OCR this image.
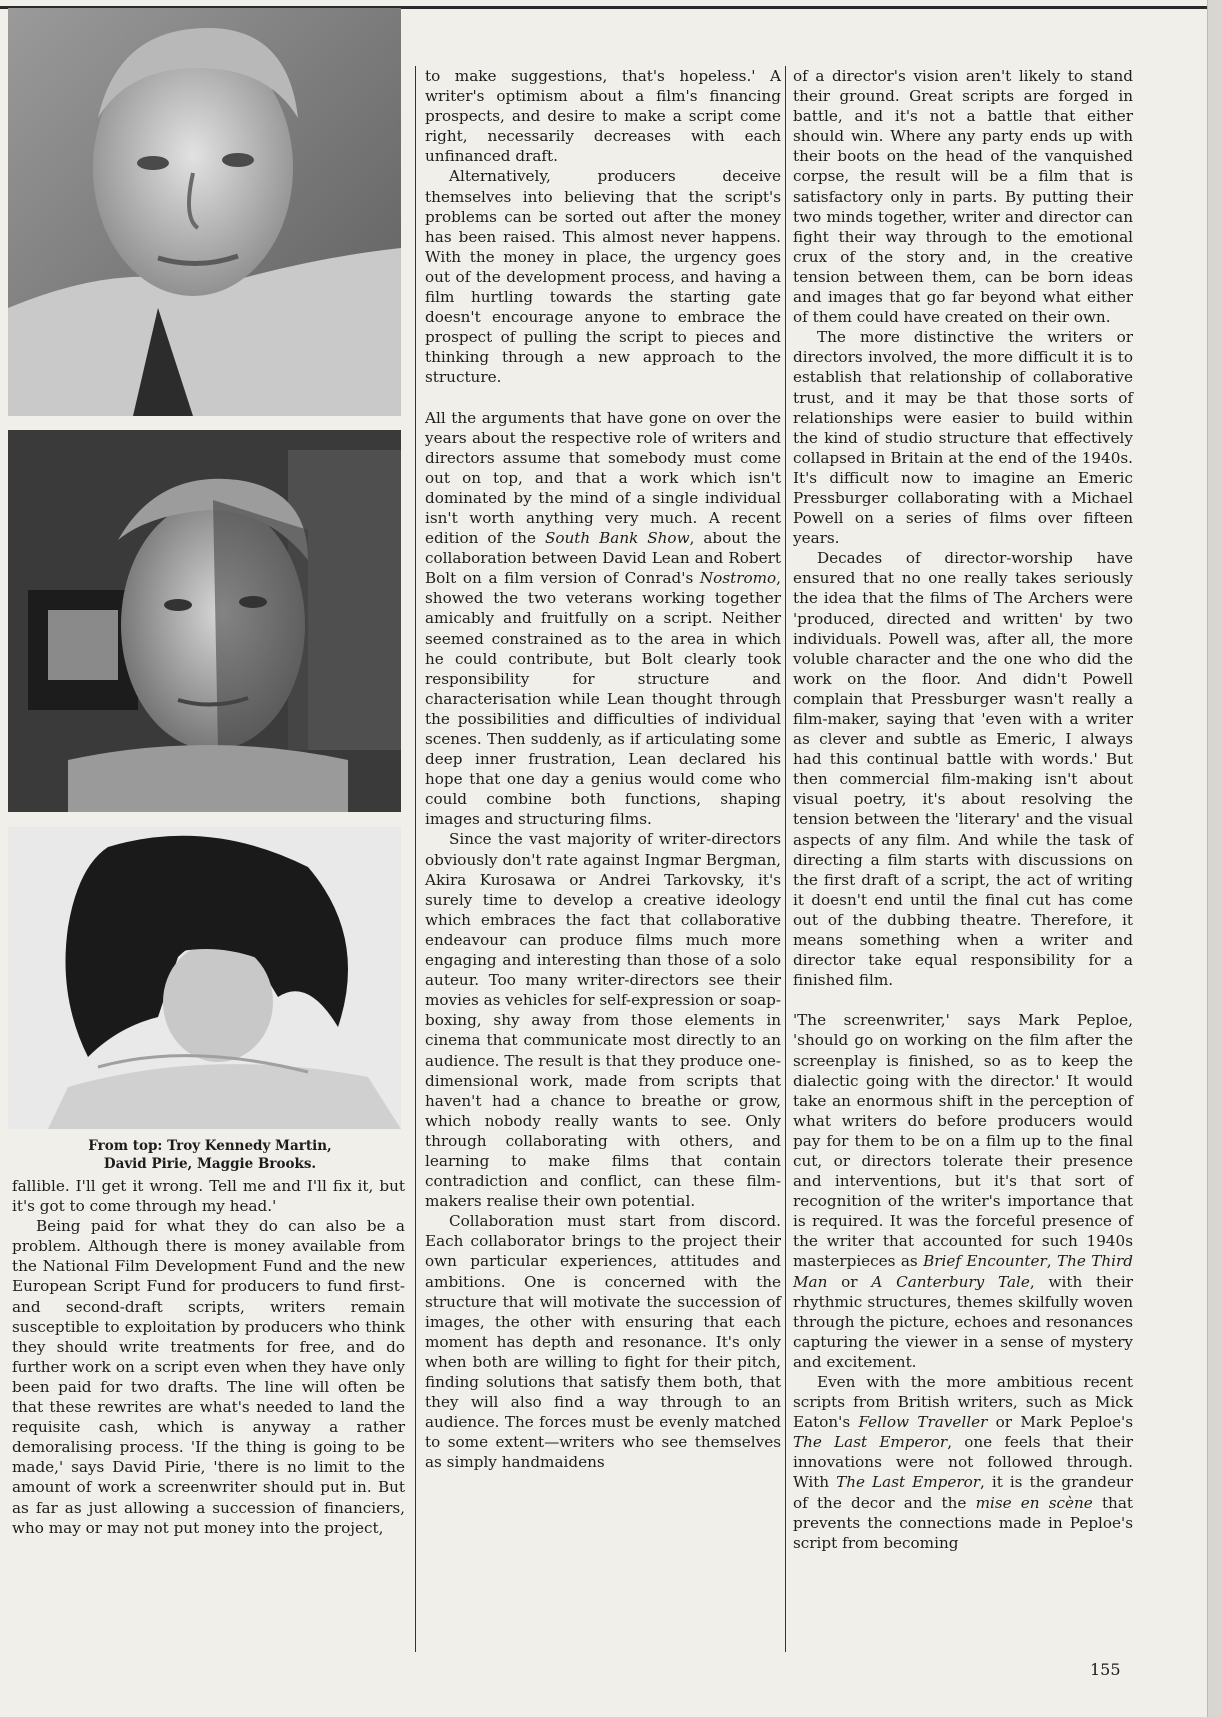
From top: Troy Kennedy Martin,
David Pirie, Maggie Brooks.

fallible. I'll get it wrong. Tell me and I'll fix it, but it's got to come through my head.'

Being paid for what they do can also be a problem. Although there is money available from the National Film Development Fund and the new European Script Fund for producers to fund first- and second-draft scripts, writers remain susceptible to exploitation by producers who think they should write treatments for free, and do further work on a script even when they have only been paid for two drafts. The line will often be that these rewrites are what's needed to land the requisite cash, which is anyway a rather demoralising process. 'If the thing is going to be made,' says David Pirie, 'there is no limit to the amount of work a screenwriter should put in. But as far as just allowing a succession of financiers, who may or may not put money into the project,

to make suggestions, that's hopeless.' A writer's optimism about a film's financing prospects, and desire to make a script come right, necessarily decreases with each unfinanced draft.

Alternatively, producers deceive themselves into believing that the script's problems can be sorted out after the money has been raised. This almost never happens. With the money in place, the urgency goes out of the development process, and having a film hurtling towards the starting gate doesn't encourage anyone to embrace the prospect of pulling the script to pieces and thinking through a new approach to the structure.

All the arguments that have gone on over the years about the respective role of writers and directors assume that somebody must come out on top, and that a work which isn't dominated by the mind of a single individual isn't worth anything very much. A recent edition of the South Bank Show, about the collaboration between David Lean and Robert Bolt on a film version of Conrad's Nostromo, showed the two veterans working together amicably and fruitfully on a script. Neither seemed constrained as to the area in which he could contribute, but Bolt clearly took responsibility for structure and characterisation while Lean thought through the possibilities and difficulties of individual scenes. Then suddenly, as if articulating some deep inner frustration, Lean declared his hope that one day a genius would come who could combine both functions, shaping images and structuring films.

Since the vast majority of writer-directors obviously don't rate against Ingmar Bergman, Akira Kurosawa or Andrei Tarkovsky, it's surely time to develop a creative ideology which embraces the fact that collaborative endeavour can produce films much more engaging and interesting than those of a solo auteur. Too many writer-directors see their movies as vehicles for self-expression or soap-boxing, shy away from those elements in cinema that communicate most directly to an audience. The result is that they produce one-dimensional work, made from scripts that haven't had a chance to breathe or grow, which nobody really wants to see. Only through collaborating with others, and learning to make films that contain contradiction and conflict, can these film-makers realise their own potential.

Collaboration must start from discord. Each collaborator brings to the project their own particular experiences, attitudes and ambitions. One is concerned with the structure that will motivate the succession of images, the other with ensuring that each moment has depth and resonance. It's only when both are willing to fight for their pitch, finding solutions that satisfy them both, that they will also find a way through to an audience. The forces must be evenly matched to some extent—writers who see themselves as simply handmaidens

of a director's vision aren't likely to stand their ground. Great scripts are forged in battle, and it's not a battle that either should win. Where any party ends up with their boots on the head of the vanquished corpse, the result will be a film that is satisfactory only in parts. By putting their two minds together, writer and director can fight their way through to the emotional crux of the story and, in the creative tension between them, can be born ideas and images that go far beyond what either of them could have created on their own.

The more distinctive the writers or directors involved, the more difficult it is to establish that relationship of collaborative trust, and it may be that those sorts of relationships were easier to build within the kind of studio structure that effectively collapsed in Britain at the end of the 1940s. It's difficult now to imagine an Emeric Pressburger collaborating with a Michael Powell on a series of films over fifteen years.

Decades of director-worship have ensured that no one really takes seriously the idea that the films of The Archers were 'produced, directed and written' by two individuals. Powell was, after all, the more voluble character and the one who did the work on the floor. And didn't Powell complain that Pressburger wasn't really a film-maker, saying that 'even with a writer as clever and subtle as Emeric, I always had this continual battle with words.' But then commercial film-making isn't about visual poetry, it's about resolving the tension between the 'literary' and the visual aspects of any film. And while the task of directing a film starts with discussions on the first draft of a script, the act of writing it doesn't end until the final cut has come out of the dubbing theatre. Therefore, it means something when a writer and director take equal responsibility for a finished film.

'The screenwriter,' says Mark Peploe, 'should go on working on the film after the screenplay is finished, so as to keep the dialectic going with the director.' It would take an enormous shift in the perception of what writers do before producers would pay for them to be on a film up to the final cut, or directors tolerate their presence and interventions, but it's that sort of recognition of the writer's importance that is required. It was the forceful presence of the writer that accounted for such 1940s masterpieces as Brief Encounter, The Third Man or A Canterbury Tale, with their rhythmic structures, themes skilfully woven through the picture, echoes and resonances capturing the viewer in a sense of mystery and excitement.

Even with the more ambitious recent scripts from British writers, such as Mick Eaton's Fellow Traveller or Mark Peploe's The Last Emperor, one feels that their innovations were not followed through. With The Last Emperor, it is the grandeur of the decor and the mise en scène that prevents the connections made in Peploe's script from becoming

155
